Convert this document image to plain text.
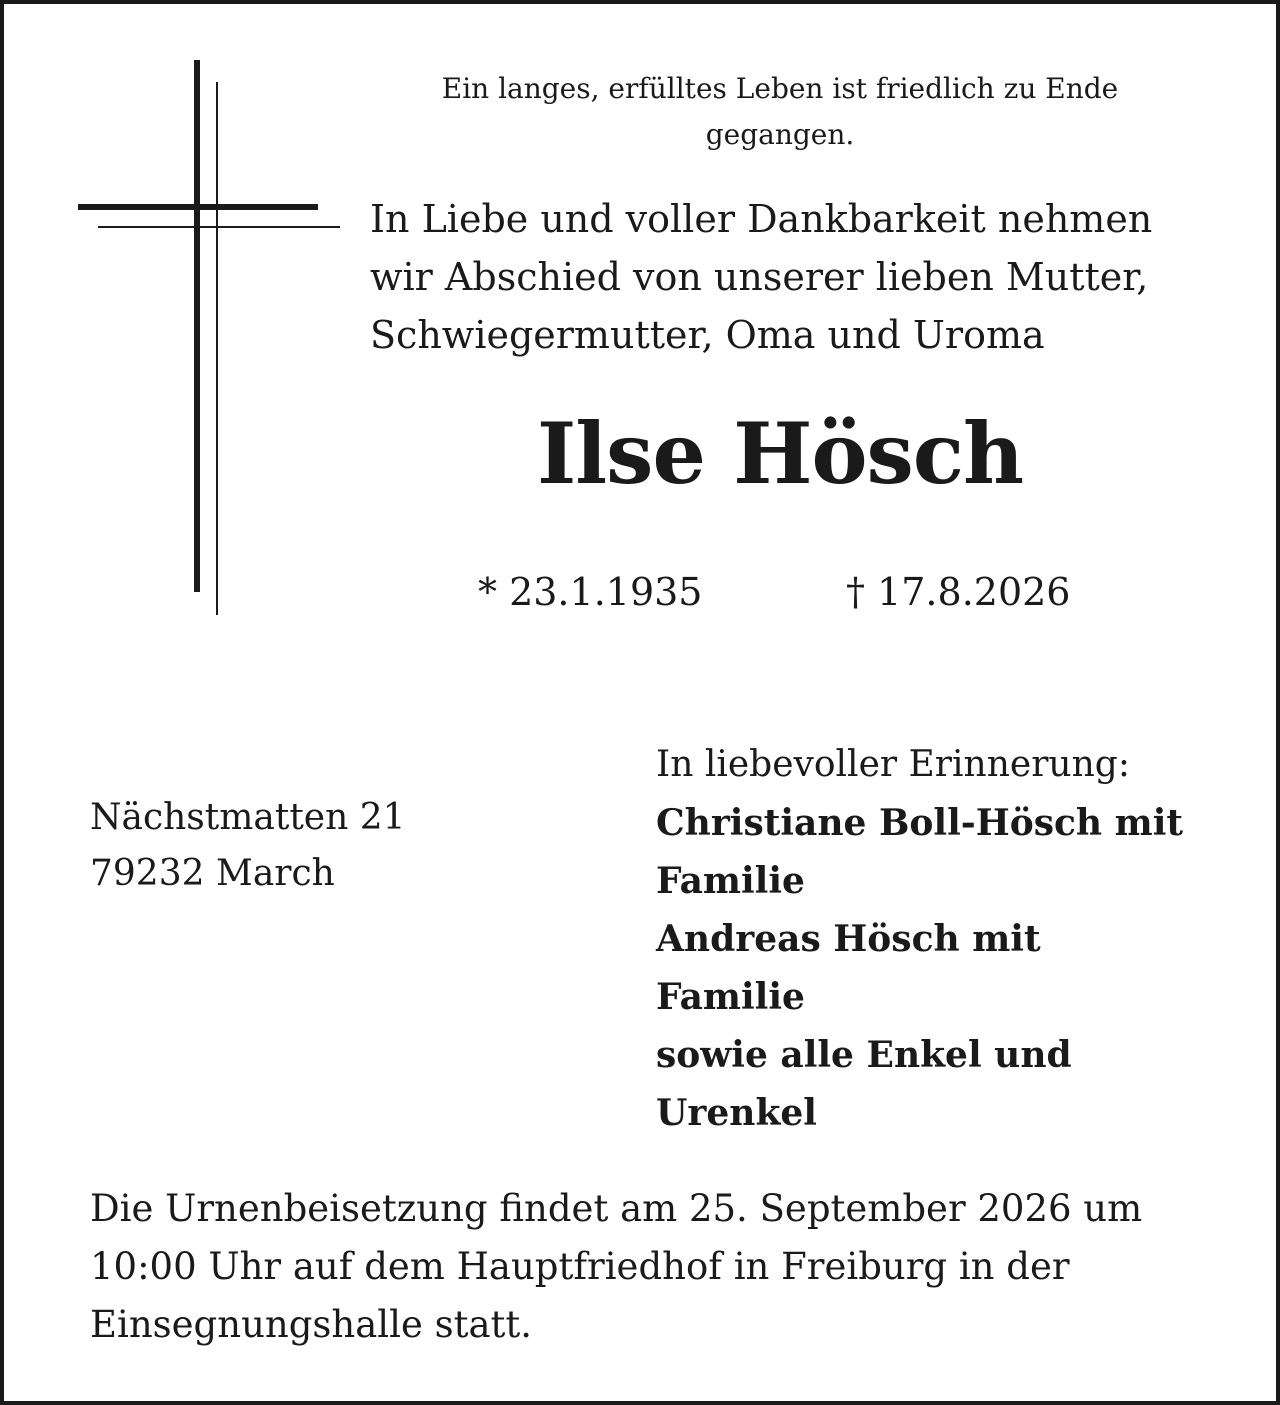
Ein langes, erfülltes Leben ist friedlich zu Ende
gegangen.
In Liebe und voller Dankbarkeit nehmen
wir Abschied von unserer lieben Mutter,
Schwiegermutter, Oma und Uroma
Ilse Hösch
* 23.1.1935	† 17.8.2026
Nächstmatten 21
79232 March
In liebevoller Erinnerung:
Christiane Boll-Hösch mit
Familie
Andreas Hösch mit
Familie
sowie alle Enkel und
Urenkel
Die Urnenbeisetzung findet am 25. September 2026 um
10:00 Uhr auf dem Hauptfriedhof in Freiburg in der
Einsegnungshalle statt.
